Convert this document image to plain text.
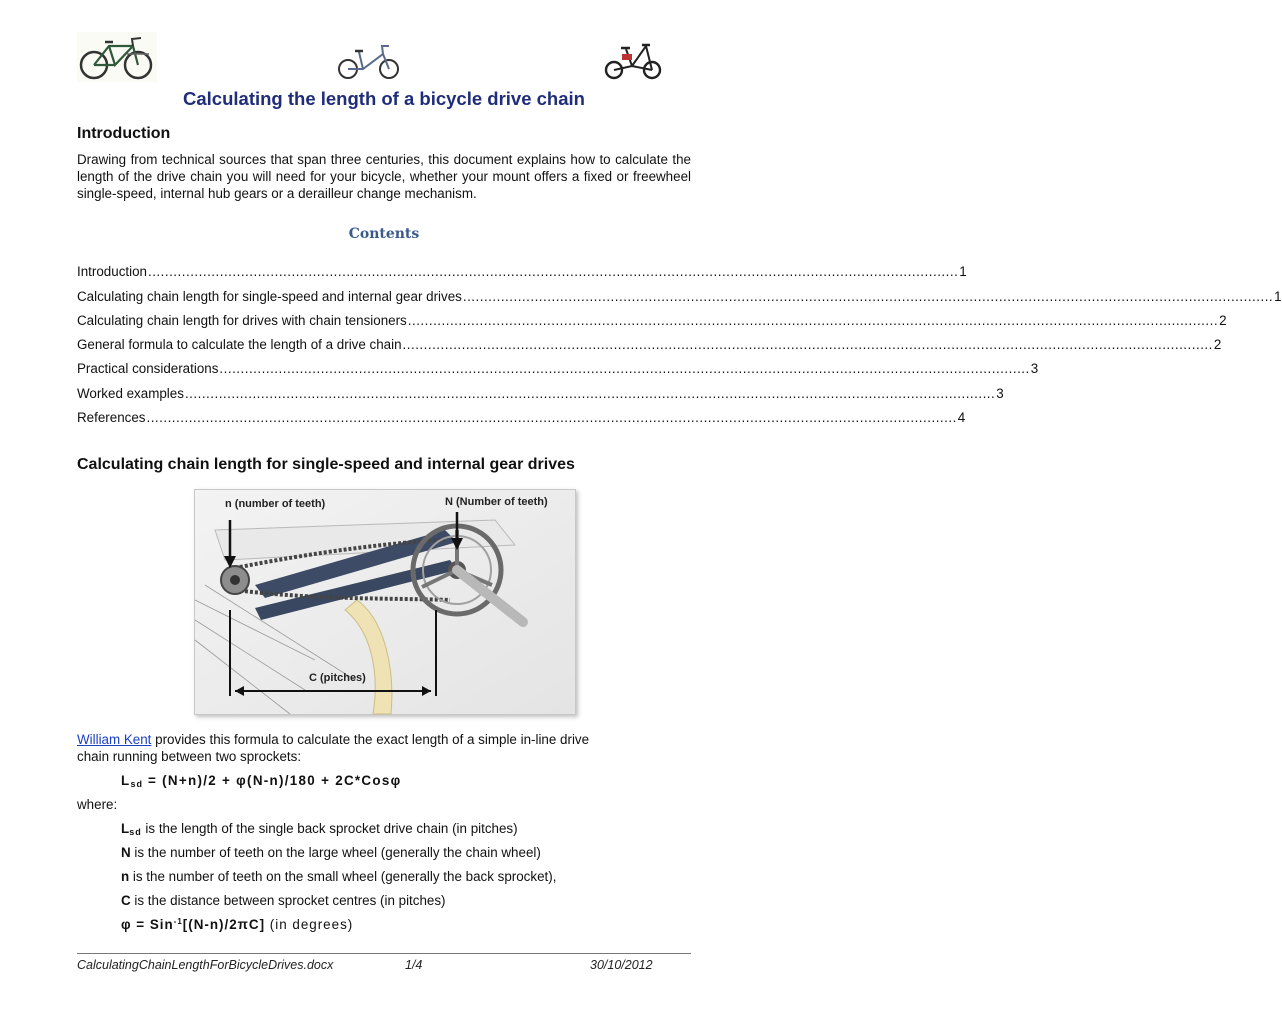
Calculating the length of a bicycle drive chain
Introduction
Drawing from technical sources that span three centuries, this document explains how to calculate the length of the drive chain you will need for your bicycle, whether your mount offers a fixed or freewheel single-speed, internal hub gears or a derailleur change mechanism.
Contents
Introduction ................................................................................................................................................................................................ 1
Calculating chain length for single-speed and internal gear drives ................................................................................................................................................................................................ 1
Calculating chain length for drives with chain tensioners ................................................................................................................................................................................................ 2
General formula to calculate the length of a drive chain ................................................................................................................................................................................................ 2
Practical considerations ................................................................................................................................................................................................ 3
Worked examples ................................................................................................................................................................................................ 3
References ................................................................................................................................................................................................ 4
Calculating chain length for single-speed and internal gear drives
n (number of teeth)	N (Number of teeth)
C (pitches)
William Kent provides this formula to calculate the exact length of a simple in-line drive
chain running between two sprockets:
$L_{sd} = (N+n)/2 + \varphi(N-n)/180 + 2C*Cos\varphi$
where:
$L_{sd}$ is the length of the single back sprocket drive chain (in pitches)
N is the number of teeth on the large wheel (generally the chain wheel)
n is the number of teeth on the small wheel (generally the back sprocket),
C is the distance between sprocket centres (in pitches)
φ = Sin$^{-1}$[(N-n)/2πC] (in degrees)
CalculatingChainLengthForBicycleDrives.docx	1/4	30/10/2012
